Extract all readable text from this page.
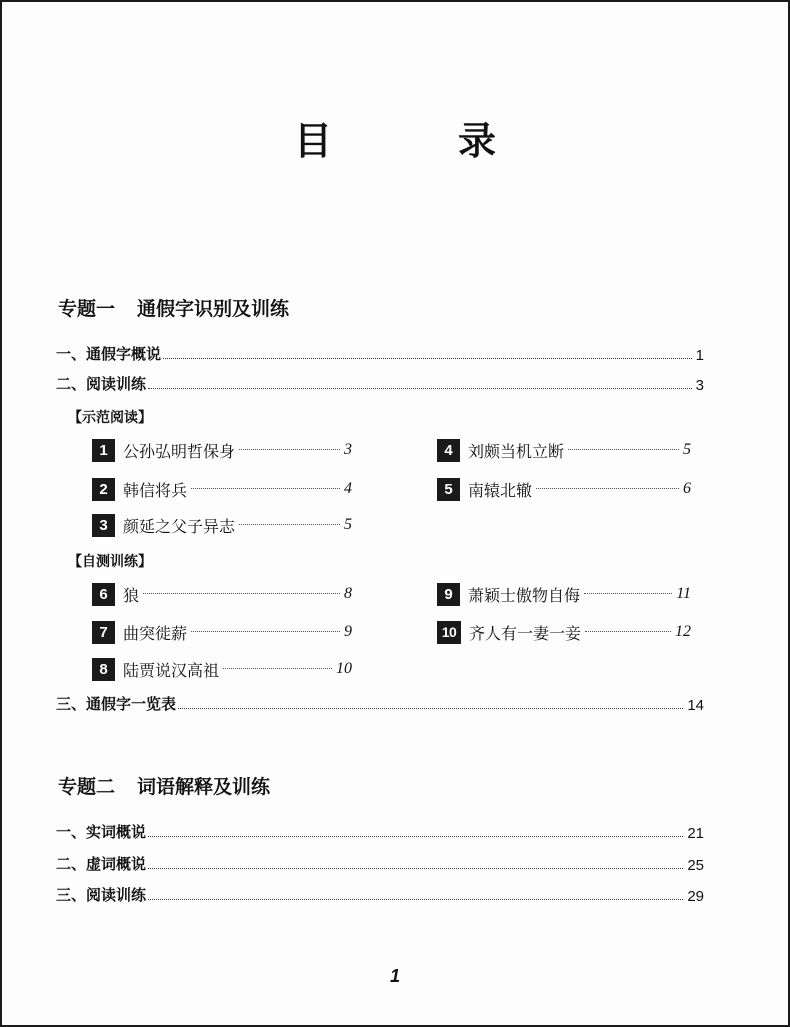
目　录
专题一 通假字识别及训练
一、通假字概说	1
二、阅读训练	3
【示范阅读】
1 公孙弘明哲保身	3
2 韩信将兵	4
3 颜延之父子异志	5
4 刘颇当机立断	5
5 南辕北辙	6
【自测训练】
6 狼	8
7 曲突徙薪	9
8 陆贾说汉高祖	10
9 萧颖士傲物自侮	11
10 齐人有一妻一妾	12
三、通假字一览表	14
专题二 词语解释及训练
一、实词概说	21
二、虚词概说	25
三、阅读训练	29
1
